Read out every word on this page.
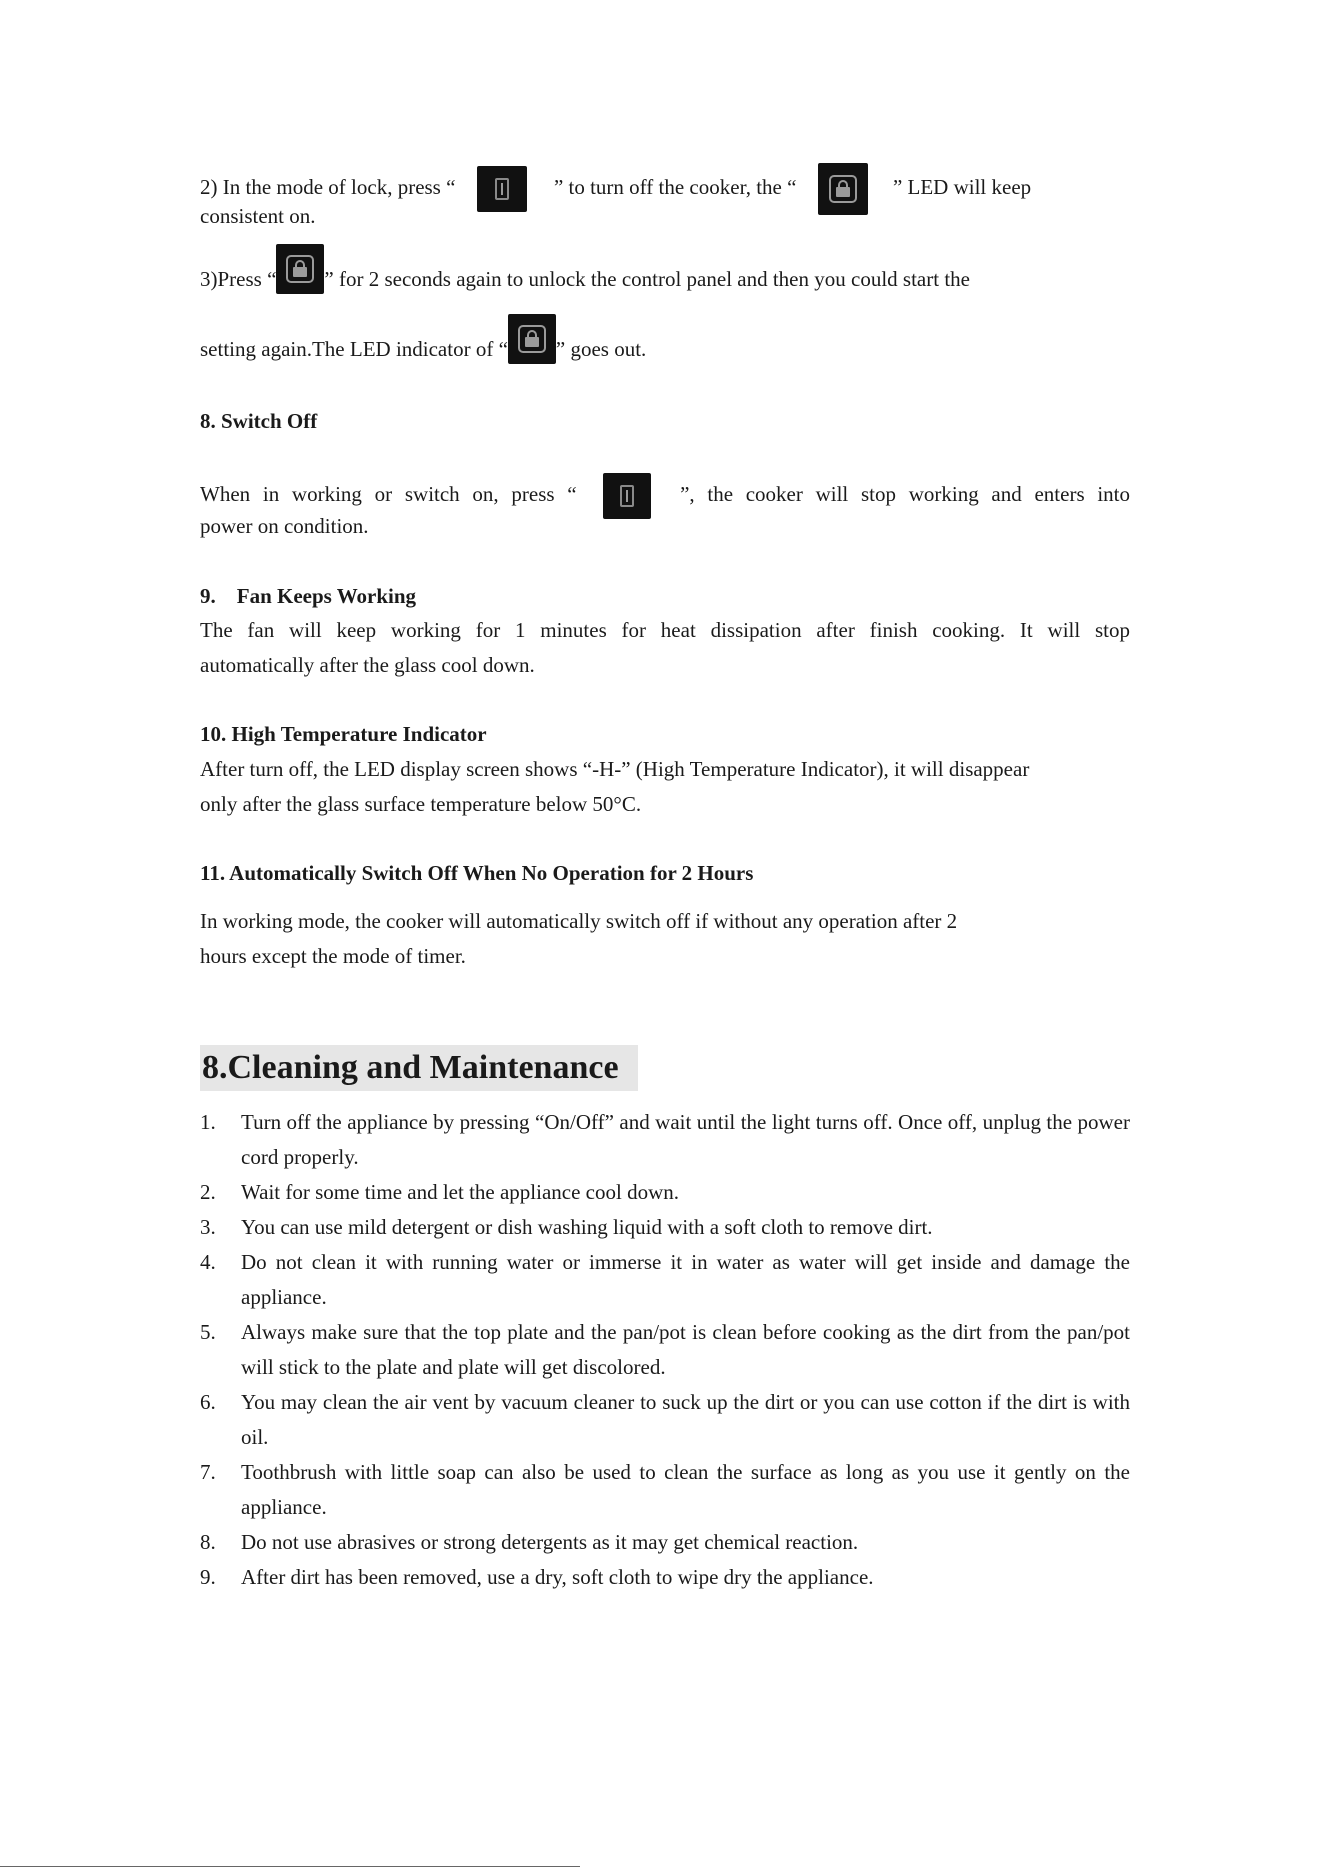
2) In the mode of lock, press “	” to turn off the cooker, the “	” LED will keep
consistent on.
3)Press “ ” for 2 seconds again to unlock the control panel and then you could start the
setting again.The LED indicator of “ ” goes out.
8. Switch Off
When in working or switch on, press “	”, the cooker will stop working and enters into
power on condition.
9.    Fan Keeps Working
The fan will keep working for 1 minutes for heat dissipation after finish cooking. It will stop
automatically after the glass cool down.
10. High Temperature Indicator
After turn off, the LED display screen shows “-H-” (High Temperature Indicator), it will disappear
only after the glass surface temperature below 50°C.
11. Automatically Switch Off When No Operation for 2 Hours
In working mode, the cooker will automatically switch off if without any operation after 2
hours except the mode of timer.
8.Cleaning and Maintenance
1. Turn off the appliance by pressing “On/Off” and wait until the light turns off. Once off, unplug the power cord properly.
2. Wait for some time and let the appliance cool down.
3. You can use mild detergent or dish washing liquid with a soft cloth to remove dirt.
4. Do not clean it with running water or immerse it in water as water will get inside and damage the appliance.
5. Always make sure that the top plate and the pan/pot is clean before cooking as the dirt from the pan/pot will stick to the plate and plate will get discolored.
6. You may clean the air vent by vacuum cleaner to suck up the dirt or you can use cotton if the dirt is with oil.
7. Toothbrush with little soap can also be used to clean the surface as long as you use it gently on the appliance.
8. Do not use abrasives or strong detergents as it may get chemical reaction.
9. After dirt has been removed, use a dry, soft cloth to wipe dry the appliance.
